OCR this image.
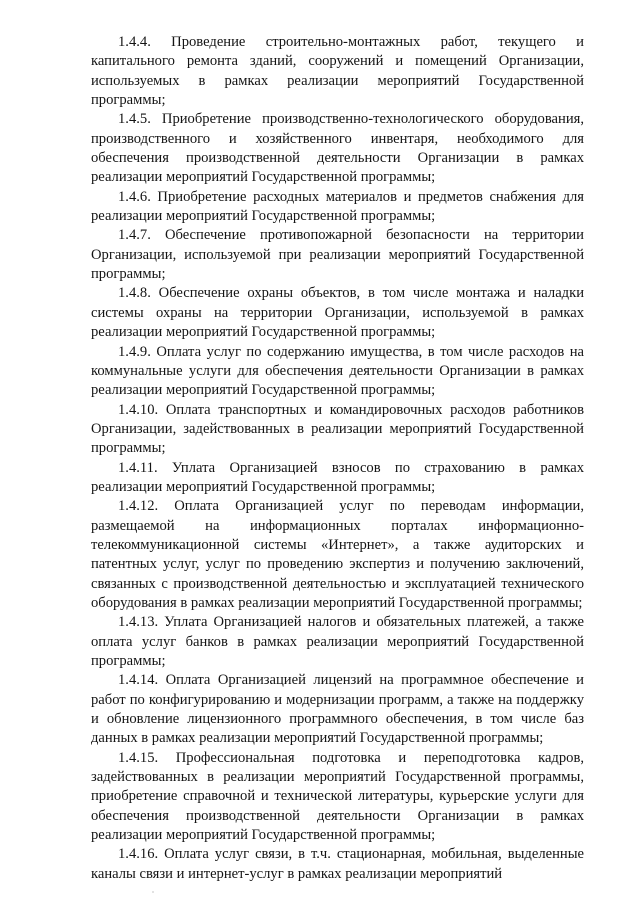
1.4.4. Проведение строительно-монтажных работ, текущего и капитального ремонта зданий, сооружений и помещений Организации, используемых в рамках реализации мероприятий Государственной программы;

1.4.5. Приобретение производственно-технологического оборудования, производственного и хозяйственного инвентаря, необходимого для обеспечения производственной деятельности Организации в рамках реализации мероприятий Государственной программы;

1.4.6. Приобретение расходных материалов и предметов снабжения для реализации мероприятий Государственной программы;

1.4.7. Обеспечение противопожарной безопасности на территории Организации, используемой при реализации мероприятий Государственной программы;

1.4.8. Обеспечение охраны объектов, в том числе монтажа и наладки системы охраны на территории Организации, используемой в рамках реализации мероприятий Государственной программы;

1.4.9. Оплата услуг по содержанию имущества, в том числе расходов на коммунальные услуги для обеспечения деятельности Организации в рамках реализации мероприятий Государственной программы;

1.4.10. Оплата транспортных и командировочных расходов работников Организации, задействованных в реализации мероприятий Государственной программы;

1.4.11. Уплата Организацией взносов по страхованию в рамках реализации мероприятий Государственной программы;

1.4.12. Оплата Организацией услуг по переводам информации, размещаемой на информационных порталах информационно-телекоммуникационной системы «Интернет», а также аудиторских и патентных услуг, услуг по проведению экспертиз и получению заключений, связанных с производственной деятельностью и эксплуатацией технического оборудования в рамках реализации мероприятий Государственной программы;

1.4.13. Уплата Организацией налогов и обязательных платежей, а также оплата услуг банков в рамках реализации мероприятий Государственной программы;

1.4.14. Оплата Организацией лицензий на программное обеспечение и работ по конфигурированию и модернизации программ, а также на поддержку и обновление лицензионного программного обеспечения, в том числе баз данных в рамках реализации мероприятий Государственной программы;

1.4.15. Профессиональная подготовка и переподготовка кадров, задействованных в реализации мероприятий Государственной программы, приобретение справочной и технической литературы, курьерские услуги для обеспечения производственной деятельности Организации в рамках реализации мероприятий Государственной программы;

1.4.16. Оплата услуг связи, в т.ч. стационарная, мобильная, выделенные каналы связи и интернет-услуг в рамках реализации мероприятий
